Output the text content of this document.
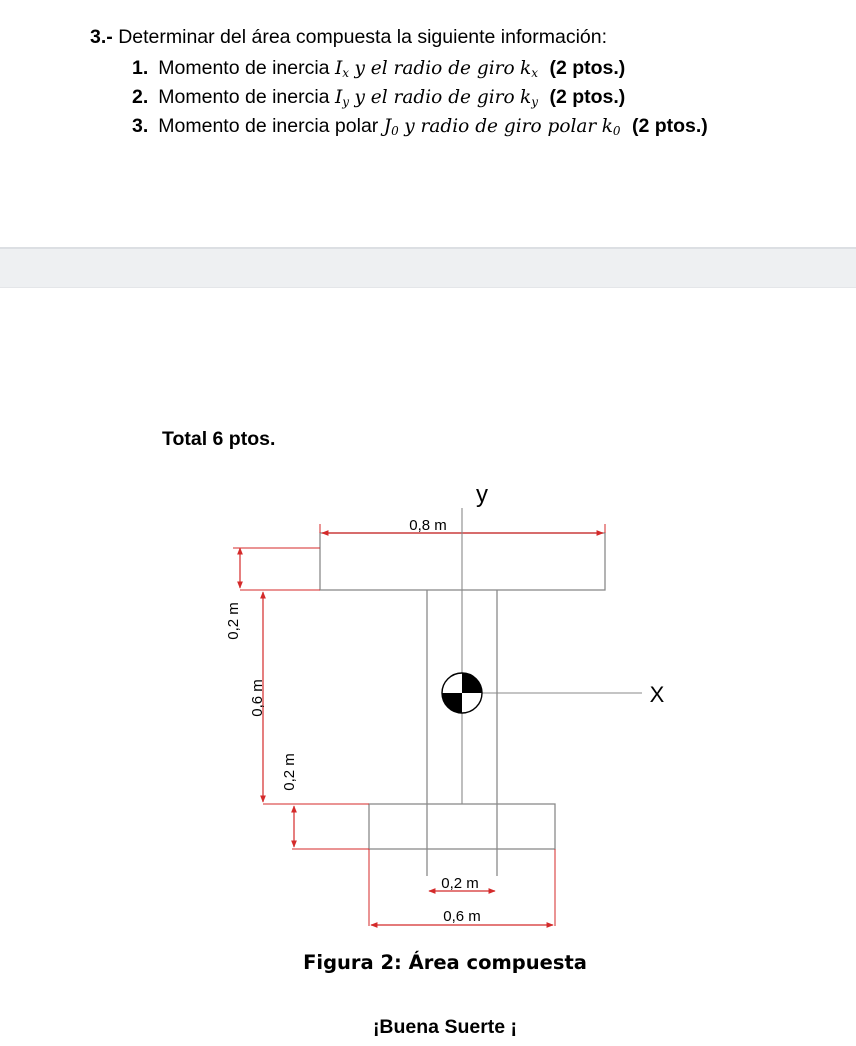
3.- Determinar del área compuesta la siguiente información:
1. Momento de inercia $I_x$ y el radio de giro $k_x$ (2 ptos.)
2. Momento de inercia $I_y$ y el radio de giro $k_y$ (2 ptos.)
3. Momento de inercia polar $J_0$ y radio de giro polar $k_0$ (2 ptos.)
Total 6 ptos.
0,8 m
0,2 m
0,6 m
0,2 m
0,2 m
0,6 m
y
X
Figura 2: Área compuesta
¡Buena Suerte ¡
